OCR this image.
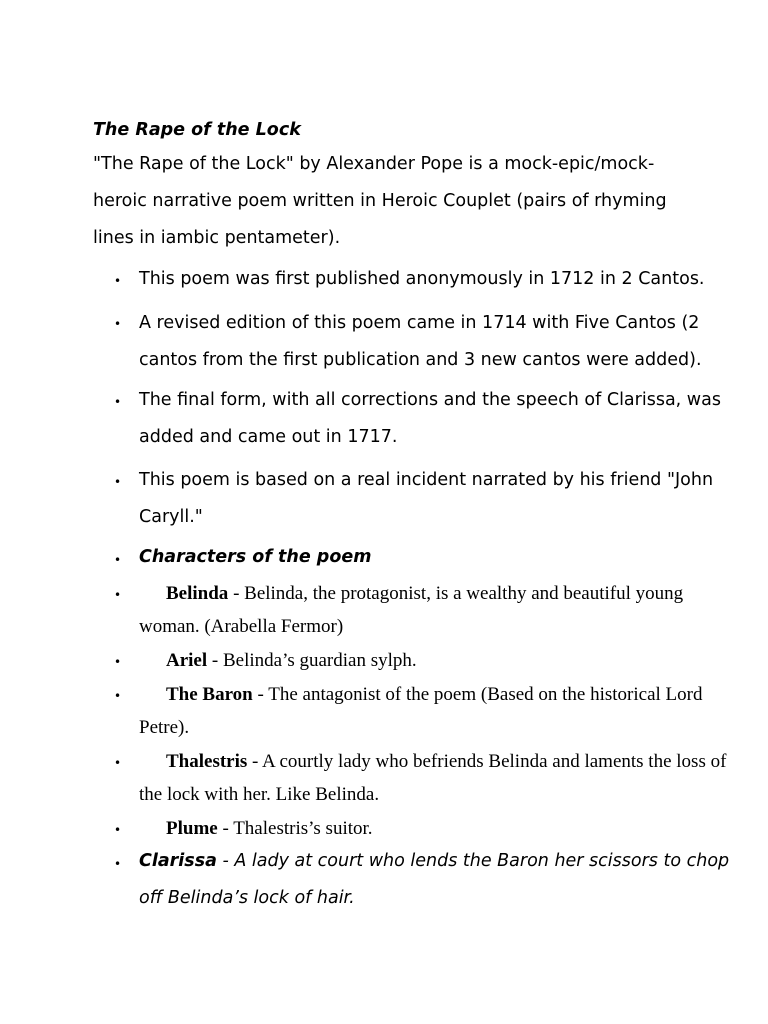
The Rape of the Lock
"The Rape of the Lock" by Alexander Pope is a mock-epic/mock-heroic narrative poem written in Heroic Couplet (pairs of rhyming lines in iambic pentameter).
• This poem was first published anonymously in 1712 in 2 Cantos.
• A revised edition of this poem came in 1714 with Five Cantos (2 cantos from the first publication and 3 new cantos were added).
• The final form, with all corrections and the speech of Clarissa, was added and came out in 1717.
• This poem is based on a real incident narrated by his friend "John Caryll."
• Characters of the poem
•	Belinda - Belinda, the protagonist, is a wealthy and beautiful young woman. (Arabella Fermor)
•	Ariel - Belinda’s guardian sylph.
•	The Baron - The antagonist of the poem (Based on the historical Lord Petre).
•	Thalestris - A courtly lady who befriends Belinda and laments the loss of the lock with her. Like Belinda.
•	Plume - Thalestris’s suitor.
• Clarissa - A lady at court who lends the Baron her scissors to chop off Belinda’s lock of hair.
